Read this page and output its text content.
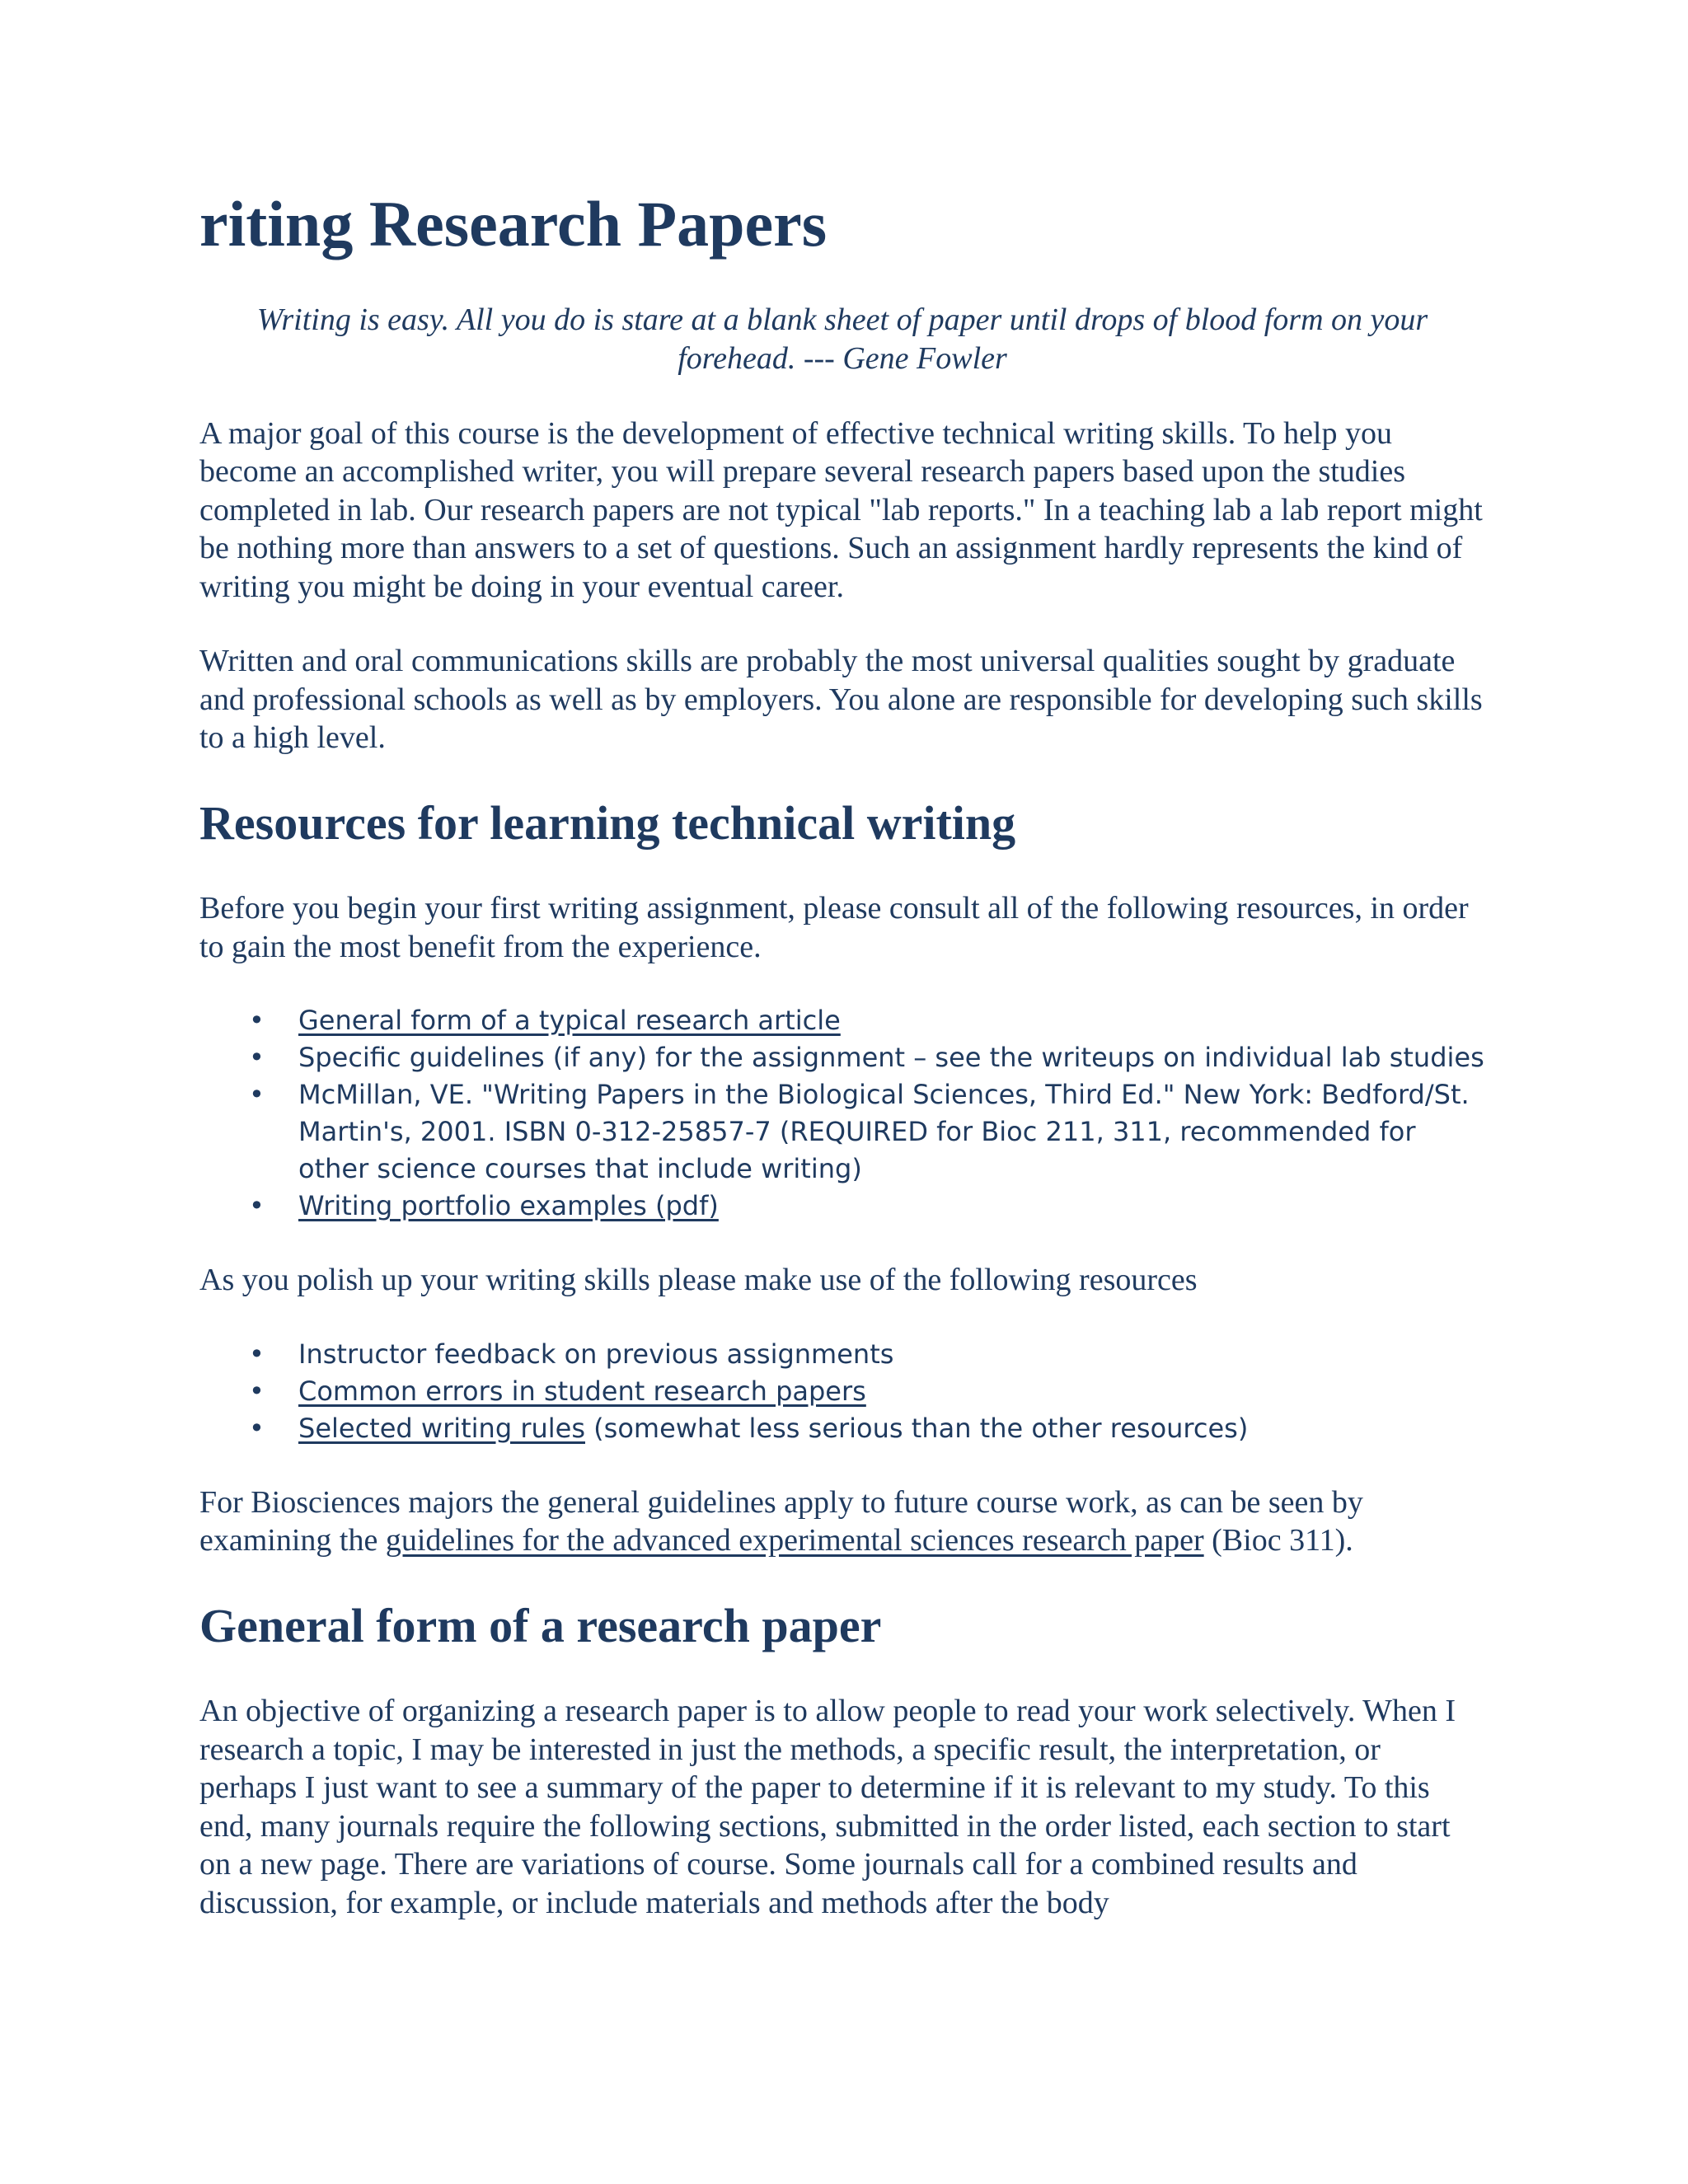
riting Research Papers

Writing is easy. All you do is stare at a blank sheet of paper until drops of blood form on your forehead. --- Gene Fowler

A major goal of this course is the development of effective technical writing skills. To help you become an accomplished writer, you will prepare several research papers based upon the studies completed in lab. Our research papers are not typical "lab reports." In a teaching lab a lab report might be nothing more than answers to a set of questions. Such an assignment hardly represents the kind of writing you might be doing in your eventual career.

Written and oral communications skills are probably the most universal qualities sought by graduate and professional schools as well as by employers. You alone are responsible for developing such skills to a high level.

Resources for learning technical writing

Before you begin your first writing assignment, please consult all of the following resources, in order to gain the most benefit from the experience.

•	General form of a typical research article
•	Specific guidelines (if any) for the assignment – see the writeups on individual lab studies
•	McMillan, VE. "Writing Papers in the Biological Sciences, Third Ed." New York: Bedford/St. Martin's, 2001. ISBN 0-312-25857-7 (REQUIRED for Bioc 211, 311, recommended for other science courses that include writing)
•	Writing portfolio examples (pdf)

As you polish up your writing skills please make use of the following resources

•	Instructor feedback on previous assignments
•	Common errors in student research papers
•	Selected writing rules (somewhat less serious than the other resources)

For Biosciences majors the general guidelines apply to future course work, as can be seen by examining the guidelines for the advanced experimental sciences research paper (Bioc 311).

General form of a research paper

An objective of organizing a research paper is to allow people to read your work selectively. When I research a topic, I may be interested in just the methods, a specific result, the interpretation, or perhaps I just want to see a summary of the paper to determine if it is relevant to my study. To this end, many journals require the following sections, submitted in the order listed, each section to start on a new page. There are variations of course. Some journals call for a combined results and discussion, for example, or include materials and methods after the body
